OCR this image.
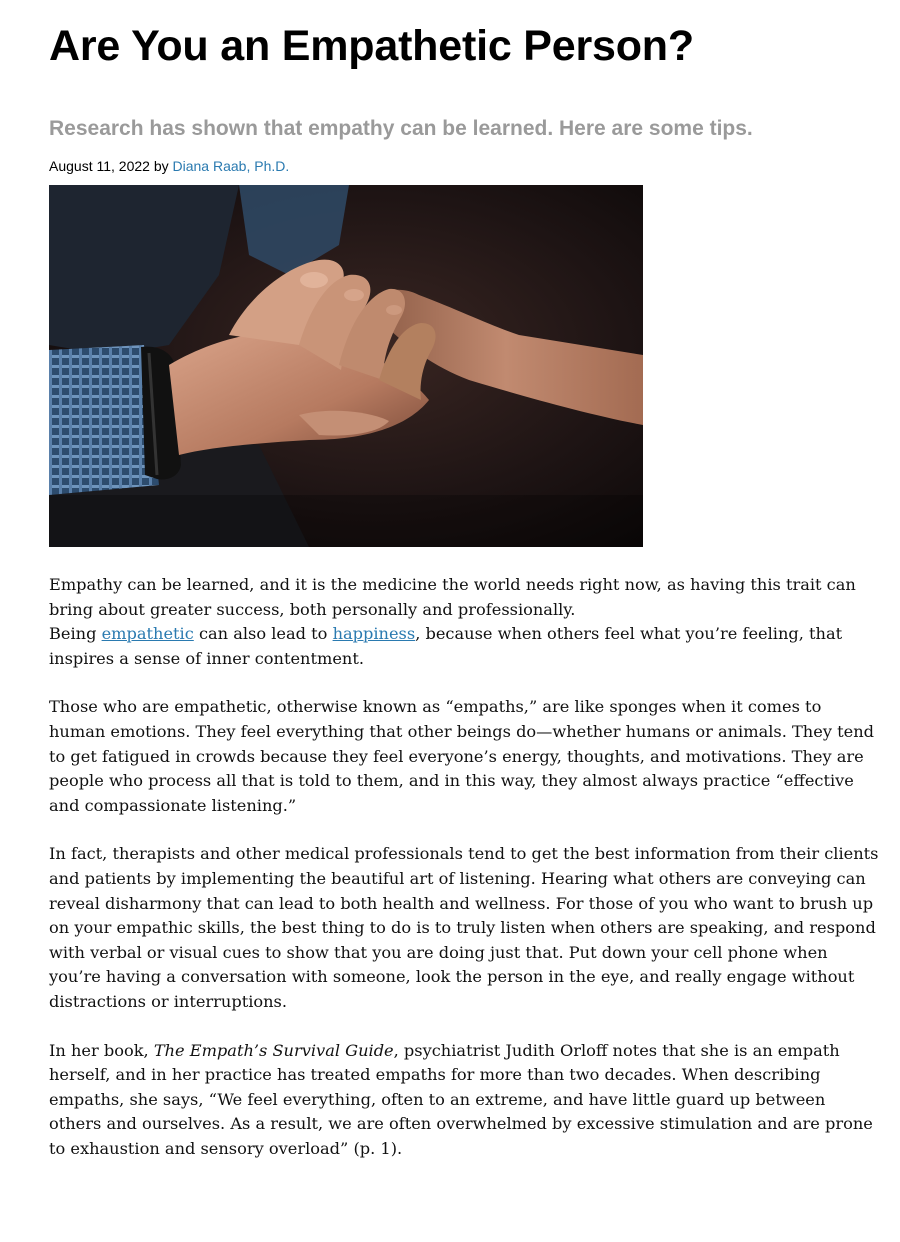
Are You an Empathetic Person?
Research has shown that empathy can be learned. Here are some tips.
August 11, 2022 by Diana Raab, Ph.D.

Empathy can be learned, and it is the medicine the world needs right now, as having this trait can bring about greater success, both personally and professionally.
Being empathetic can also lead to happiness, because when others feel what you’re feeling, that inspires a sense of inner contentment.

Those who are empathetic, otherwise known as “empaths,” are like sponges when it comes to human emotions. They feel everything that other beings do—whether humans or animals. They tend to get fatigued in crowds because they feel everyone’s energy, thoughts, and motivations. They are people who process all that is told to them, and in this way, they almost always practice “effective and compassionate listening.”

In fact, therapists and other medical professionals tend to get the best information from their clients and patients by implementing the beautiful art of listening. Hearing what others are conveying can reveal disharmony that can lead to both health and wellness. For those of you who want to brush up on your empathic skills, the best thing to do is to truly listen when others are speaking, and respond with verbal or visual cues to show that you are doing just that. Put down your cell phone when you’re having a conversation with someone, look the person in the eye, and really engage without distractions or interruptions.

In her book, The Empath’s Survival Guide, psychiatrist Judith Orloff notes that she is an empath herself, and in her practice has treated empaths for more than two decades. When describing empaths, she says, “We feel everything, often to an extreme, and have little guard up between others and ourselves. As a result, we are often overwhelmed by excessive stimulation and are prone to exhaustion and sensory overload” (p. 1).
